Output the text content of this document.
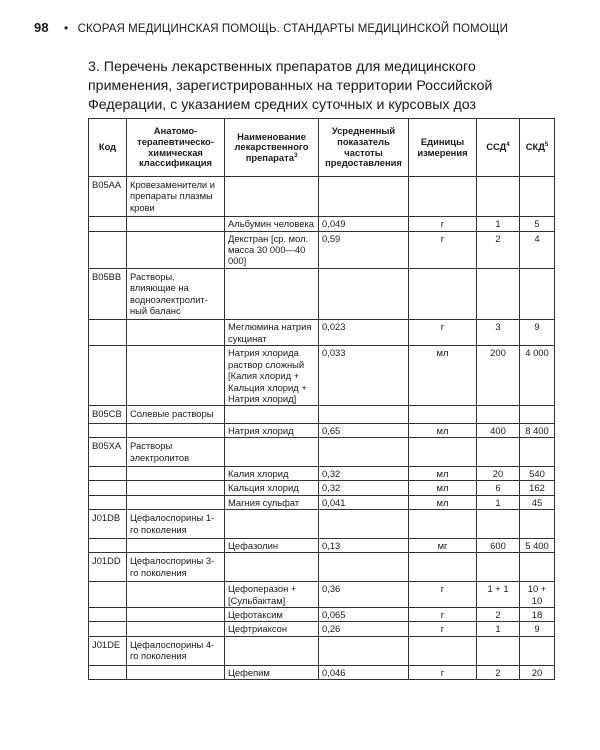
98 • СКОРАЯ МЕДИЦИНСКАЯ ПОМОЩЬ. СТАНДАРТЫ МЕДИЦИНСКОЙ ПОМОЩИ
3. Перечень лекарственных препаратов для медицинского применения, зарегистрированных на территории Российской Федерации, с указанием средних суточных и курсовых доз
Код	Анатомо-терапевтическо-химическая классификация	Наименование лекарственного препарата$^3$	Усредненный показатель частоты предоставления	Единицы измерения	ССД$^4$	СКД$^5$
B05AA	Кровезаменители и препараты плазмы крови					
		Альбумин человека	0,049	г	1	5
		Декстран [ср. мол. масса 30 000—40 000]	0,59	г	2	4
B05BB	Растворы, влияющие на водноэлектролит-ный баланс					
		Меглюмина натрия сукцинат	0,023	г	3	9
		Натрия хлорида раствор сложный [Калия хлорид + Кальция хлорид + Натрия хлорид]	0,033	мл	200	4 000
B05CB	Солевые растворы					
		Натрия хлорид	0,65	мл	400	8 400
B05XA	Растворы электролитов					
		Калия хлорид	0,32	мл	20	540
		Кальция хлорид	0,32	мл	6	162
		Магния сульфат	0,041	мл	1	45
J01DB	Цефалоспорины 1-го поколения					
		Цефазолин	0,13	мг	600	5 400
J01DD	Цефалоспорины 3-го поколения					
		Цефоперазон + [Сульбактам]	0,36	г	1 + 1	10 + 10
		Цефотаксим	0,065	г	2	18
		Цефтриаксон	0,26	г	1	9
J01DE	Цефалоспорины 4-го поколения					
		Цефепим	0,046	г	2	20
